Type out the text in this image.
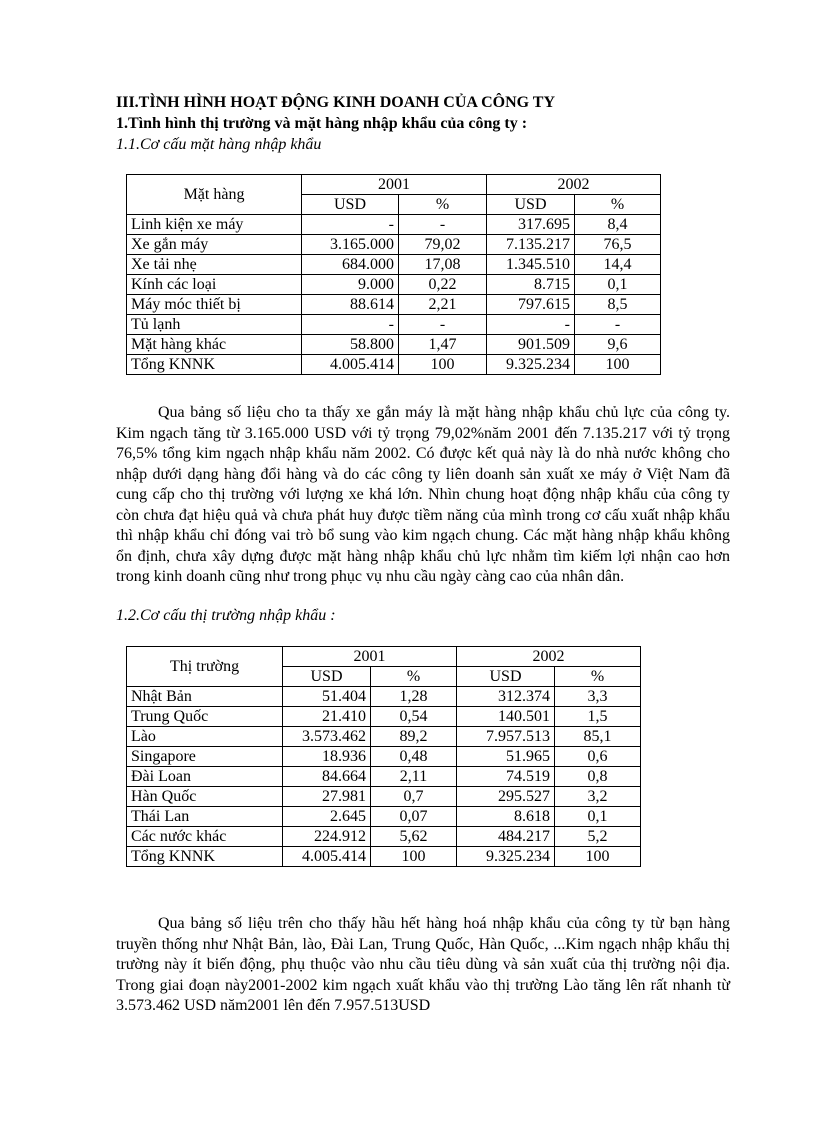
III.TÌNH HÌNH HOẠT ĐỘNG KINH DOANH CỦA CÔNG TY

1.Tình hình thị trường và mặt hàng nhập khẩu của công ty :

1.1.Cơ cấu mặt hàng nhập khẩu

Mặt hàng	2001		2002	
	USD	%	USD	%
Linh kiện xe máy	-	-	317.695	8,4
Xe gắn máy	3.165.000	79,02	7.135.217	76,5
Xe tải nhẹ	684.000	17,08	1.345.510	14,4
Kính các loại	9.000	0,22	8.715	0,1
Máy móc thiết bị	88.614	2,21	797.615	8,5
Tủ lạnh	-	-	-	-
Mặt hàng khác	58.800	1,47	901.509	9,6
Tổng KNNK	4.005.414	100	9.325.234	100

Qua bảng số liệu cho ta thấy xe gắn máy là mặt hàng nhập khẩu chủ lực của công ty. Kim ngạch tăng từ 3.165.000 USD với tỷ trọng 79,02%năm 2001 đến 7.135.217 với tỷ trọng 76,5% tổng kim ngạch nhập khẩu năm 2002. Có được kết quả này là do nhà nước không cho nhập dưới dạng hàng đổi hàng và do các công ty liên doanh sản xuất xe máy ở Việt Nam đã cung cấp cho thị trường với lượng xe khá lớn. Nhìn chung hoạt động nhập khẩu của công ty còn chưa đạt hiệu quả và chưa phát huy được tiềm năng của mình trong cơ cấu xuất nhập khẩu thì nhập khẩu chỉ đóng vai trò bổ sung vào kim ngạch chung. Các mặt hàng nhập khẩu không ổn định, chưa xây dựng được mặt hàng nhập khẩu chủ lực nhằm tìm kiếm lợi nhận cao hơn trong kinh doanh cũng như trong phục vụ nhu cầu ngày càng cao của nhân dân.

1.2.Cơ cấu thị trường nhập khẩu :

Thị trường	2001		2002	
	USD	%	USD	%
Nhật Bản	51.404	1,28	312.374	3,3
Trung Quốc	21.410	0,54	140.501	1,5
Lào	3.573.462	89,2	7.957.513	85,1
Singapore	18.936	0,48	51.965	0,6
Đài Loan	84.664	2,11	74.519	0,8
Hàn Quốc	27.981	0,7	295.527	3,2
Thái Lan	2.645	0,07	8.618	0,1
Các nước khác	224.912	5,62	484.217	5,2
Tổng KNNK	4.005.414	100	9.325.234	100

Qua bảng số liệu trên cho thấy hầu hết hàng hoá nhập khẩu của công ty từ bạn hàng truyền thống như Nhật Bản, lào, Đài Lan, Trung Quốc, Hàn Quốc, ...Kim ngạch nhập khẩu thị trường này ít biến động, phụ thuộc vào nhu cầu tiêu dùng và sản xuất của thị trường nội địa. Trong giai đoạn này2001-2002 kim ngạch xuất khẩu vào thị trường Lào tăng lên rất nhanh từ 3.573.462 USD năm2001 lên đến 7.957.513USD
